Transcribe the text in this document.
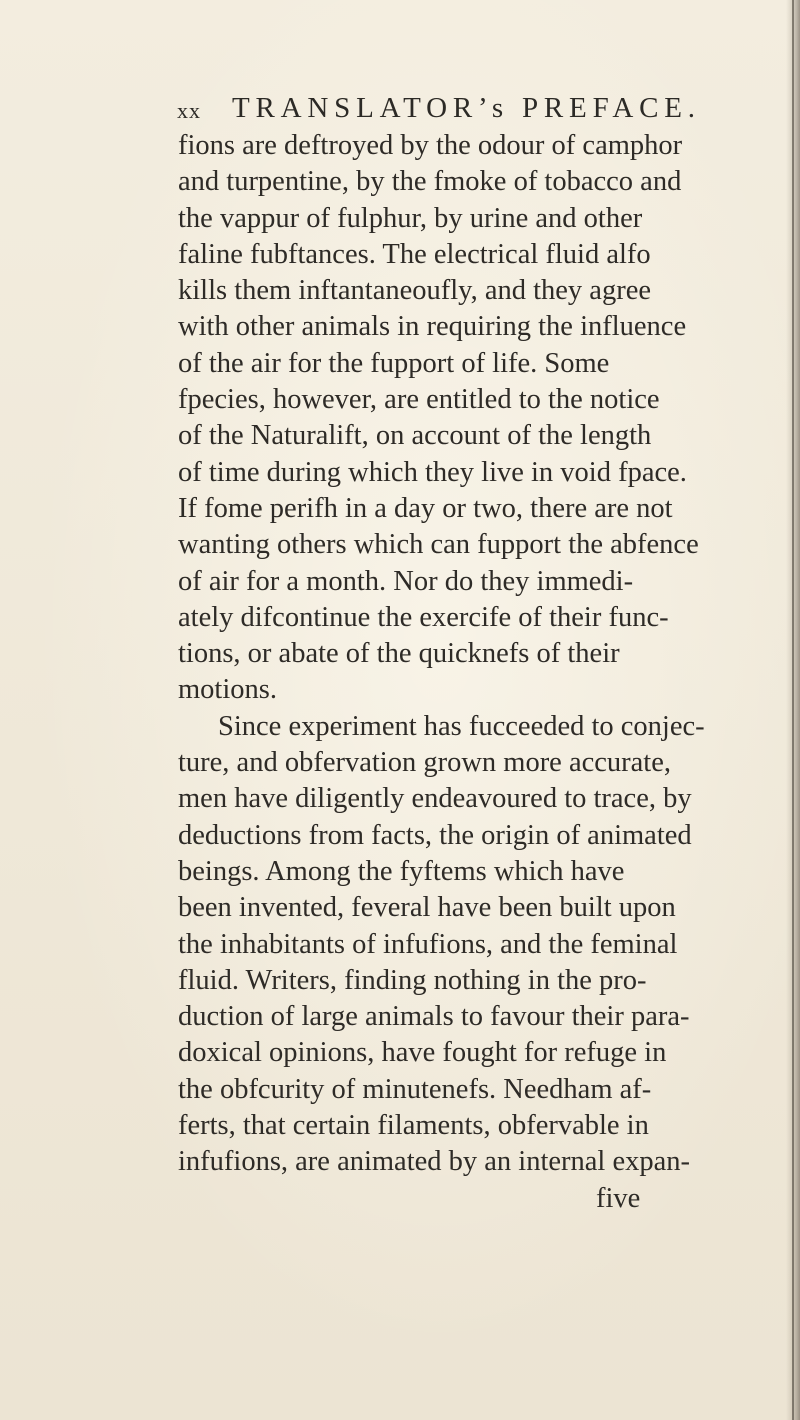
xx TRANSLATOR’s PREFACE.
fions are deftroyed by the odour of camphor
and turpentine, by the fmoke of tobacco and
the vappur of fulphur, by urine and other
faline fubftances. The electrical fluid alfo
kills them inftantaneoufly, and they agree
with other animals in requiring the influence
of the air for the fupport of life. Some
fpecies, however, are entitled to the notice
of the Naturalift, on account of the length
of time during which they live in void fpace.
If fome perifh in a day or two, there are not
wanting others which can fupport the abfence
of air for a month. Nor do they immedi-
ately difcontinue the exercife of their func-
tions, or abate of the quicknefs of their
motions.
Since experiment has fucceeded to conjec-
ture, and obfervation grown more accurate,
men have diligently endeavoured to trace, by
deductions from facts, the origin of animated
beings. Among the fyftems which have
been invented, feveral have been built upon
the inhabitants of infufions, and the feminal
fluid. Writers, finding nothing in the pro-
duction of large animals to favour their para-
doxical opinions, have fought for refuge in
the obfcurity of minutenefs. Needham af-
ferts, that certain filaments, obfervable in
infufions, are animated by an internal expan-
five
